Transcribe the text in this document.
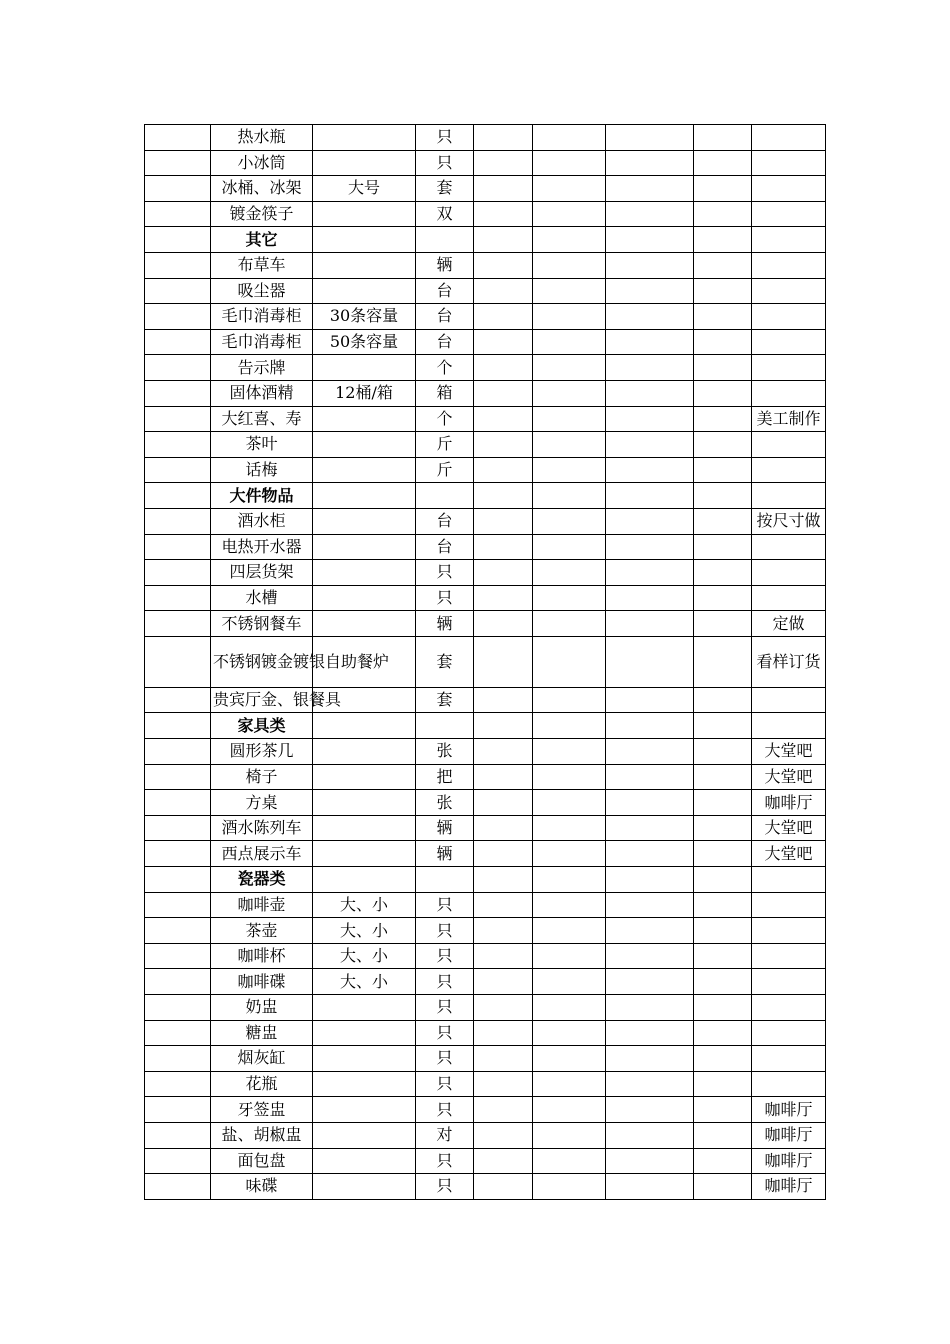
	热水瓶		只					
	小冰筒		只					
	冰桶、冰架	大号	套					
	镀金筷子		双					
	其它							
	布草车		辆					
	吸尘器		台					
	毛巾消毒柜	30条容量	台					
	毛巾消毒柜	50条容量	台					
	告示牌		个					
	固体酒精	12桶/箱	箱					
	大红喜、寿		个					美工制作
	茶叶		斤					
	话梅		斤					
	大件物品							
	酒水柜		台					按尺寸做
	电热开水器		台					
	四层货架		只					
	水槽		只					
	不锈钢餐车		辆					定做
	不锈钢镀金镀银自助餐炉		套					看样订货
	贵宾厅金、银餐具		套					
	家具类							
	圆形茶几		张					大堂吧
	椅子		把					大堂吧
	方桌		张					咖啡厅
	酒水陈列车		辆					大堂吧
	西点展示车		辆					大堂吧
	瓷器类							
	咖啡壶	大、小	只					
	茶壶	大、小	只					
	咖啡杯	大、小	只					
	咖啡碟	大、小	只					
	奶盅		只					
	糖盅		只					
	烟灰缸		只					
	花瓶		只					
	牙签盅		只					咖啡厅
	盐、胡椒盅		对					咖啡厅
	面包盘		只					咖啡厅
	味碟		只					咖啡厅
